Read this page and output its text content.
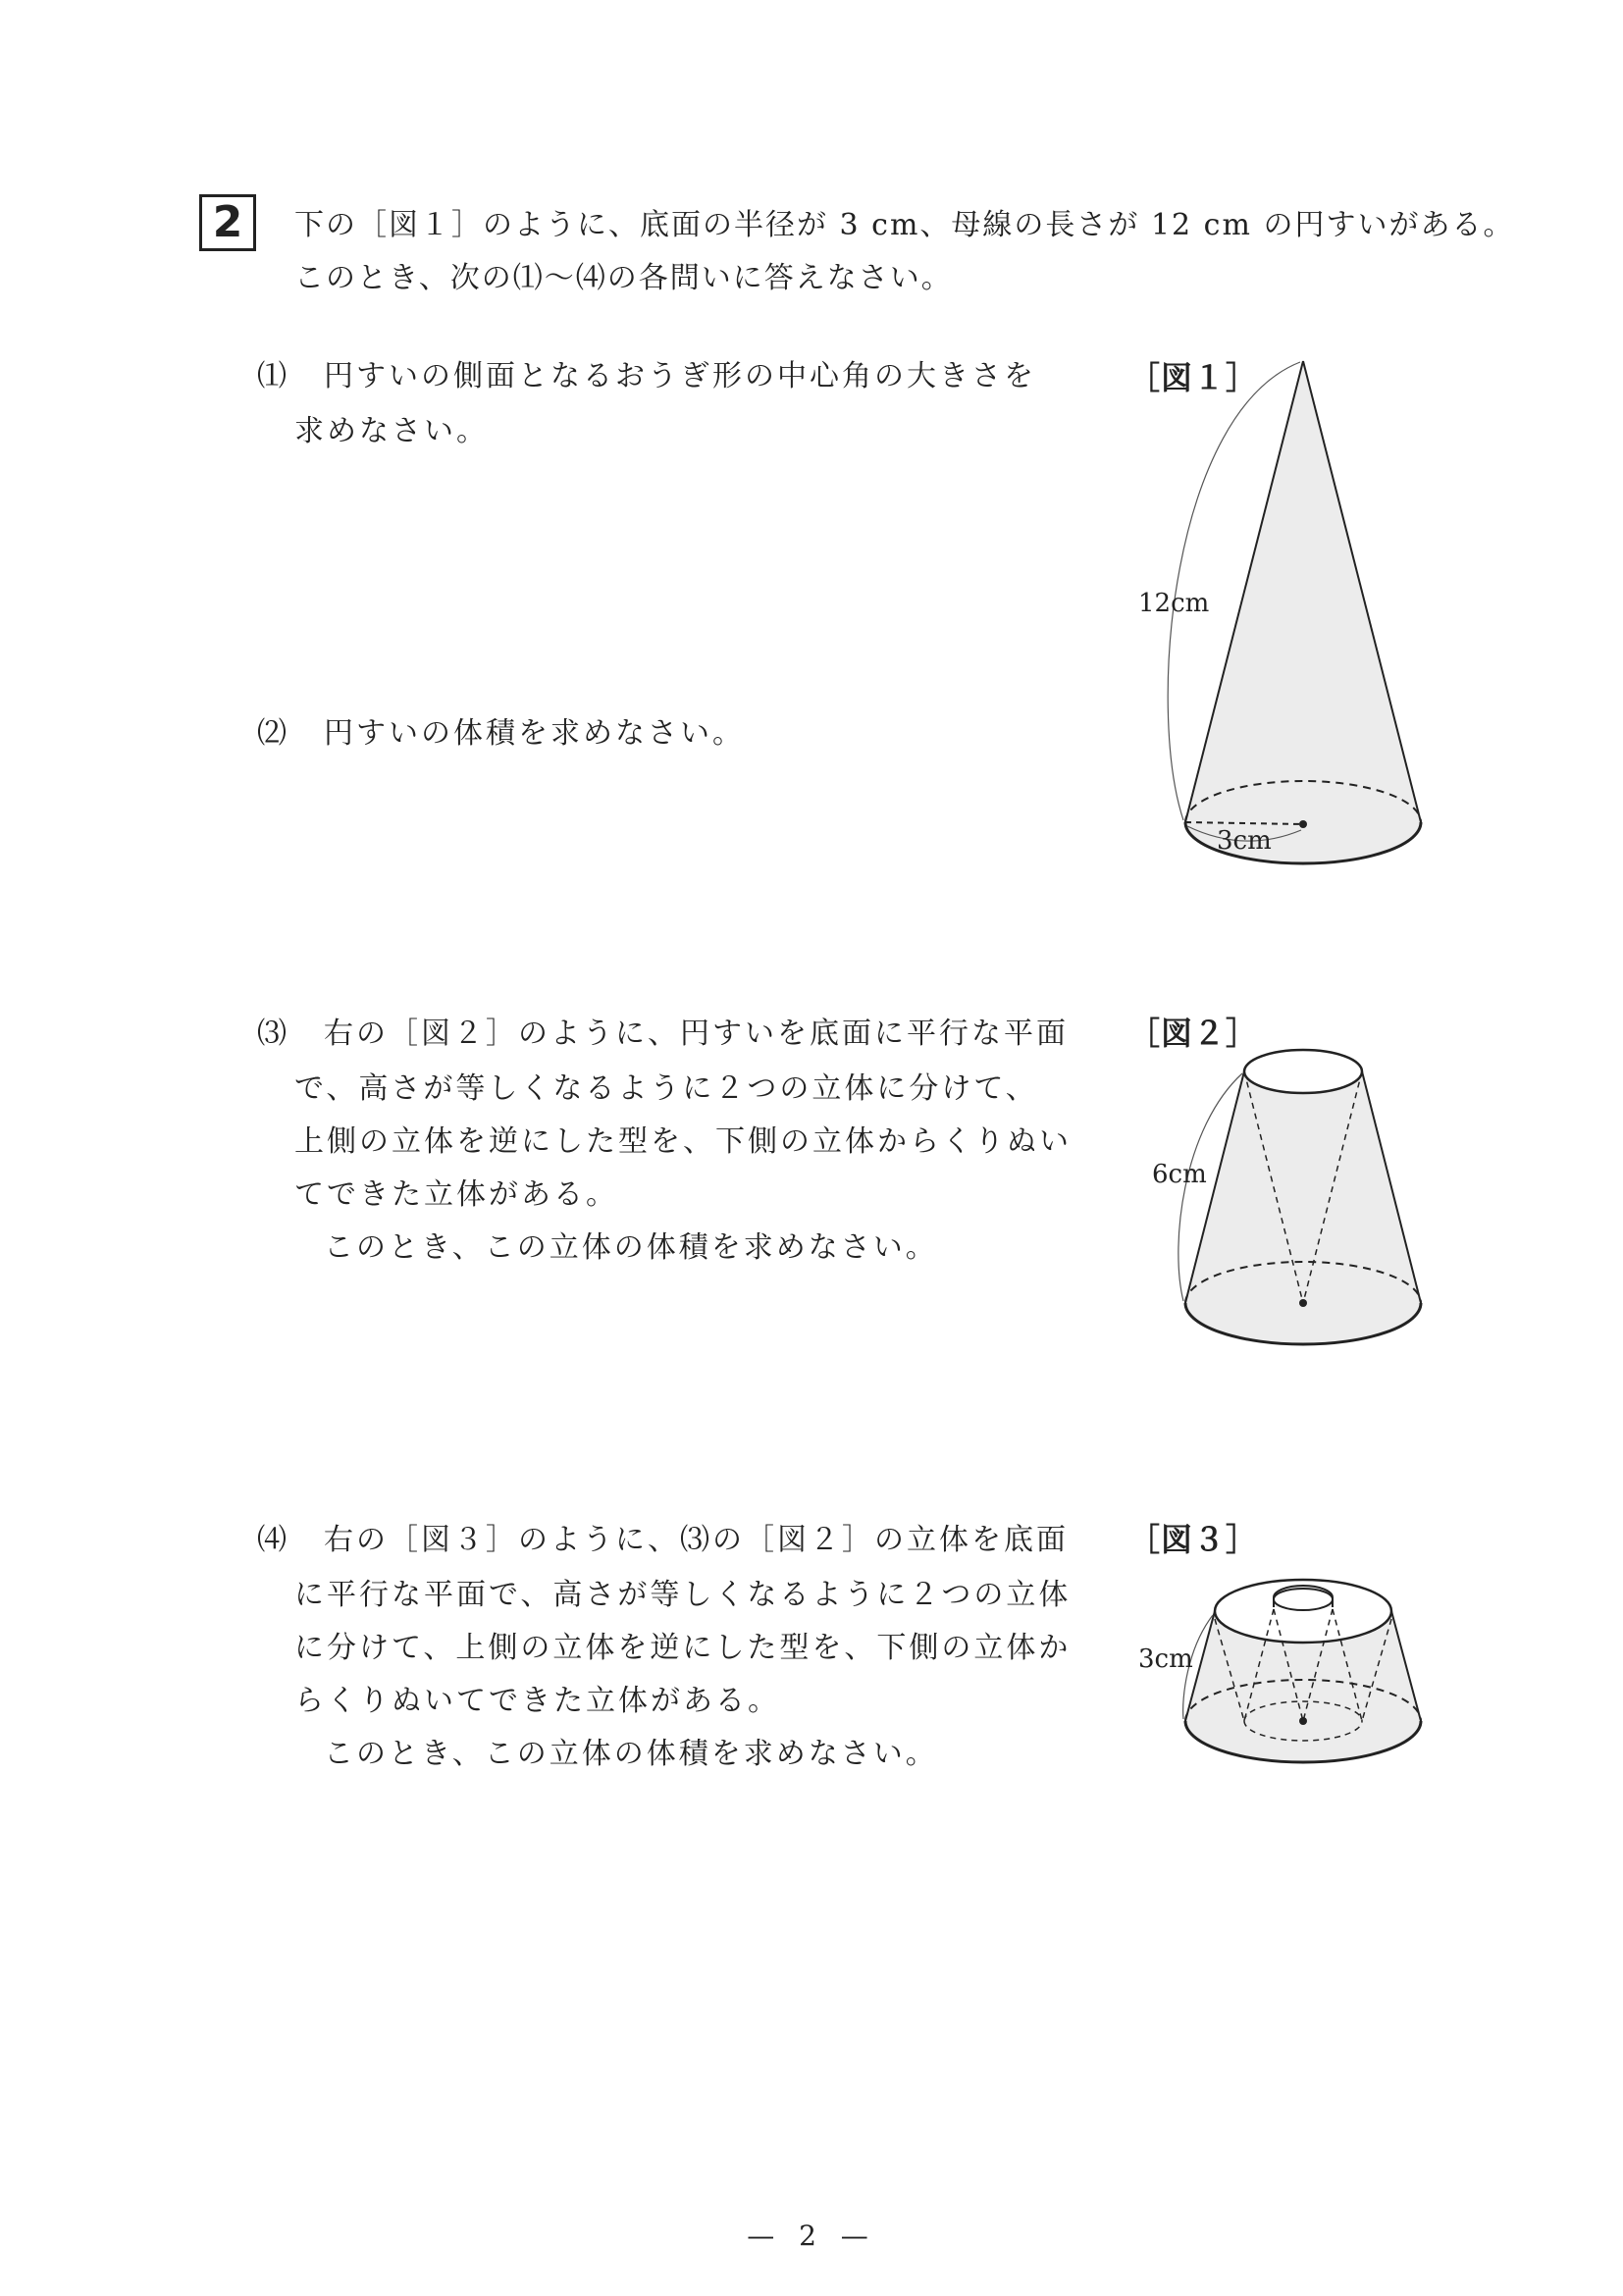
2	下の［図１］のように、底面の半径が 3 cm、母線の長さが 12 cm の円すいがある。
このとき、次の⑴〜⑷の各問いに答えなさい。
⑴ 円すいの側面となるおうぎ形の中心角の大きさを
求めなさい。
⑵ 円すいの体積を求めなさい。
⑶ 右の［図２］のように、円すいを底面に平行な平面
で、高さが等しくなるように２つの立体に分けて、
上側の立体を逆にした型を、下側の立体からくりぬい
てできた立体がある。
このとき、この立体の体積を求めなさい。
⑷ 右の［図３］のように、⑶の［図２］の立体を底面
に平行な平面で、高さが等しくなるように２つの立体
に分けて、上側の立体を逆にした型を、下側の立体か
らくりぬいてできた立体がある。
このとき、この立体の体積を求めなさい。
［図１］
［図２］
［図３］
12cm
3cm
6cm
3cm
— 2 —
